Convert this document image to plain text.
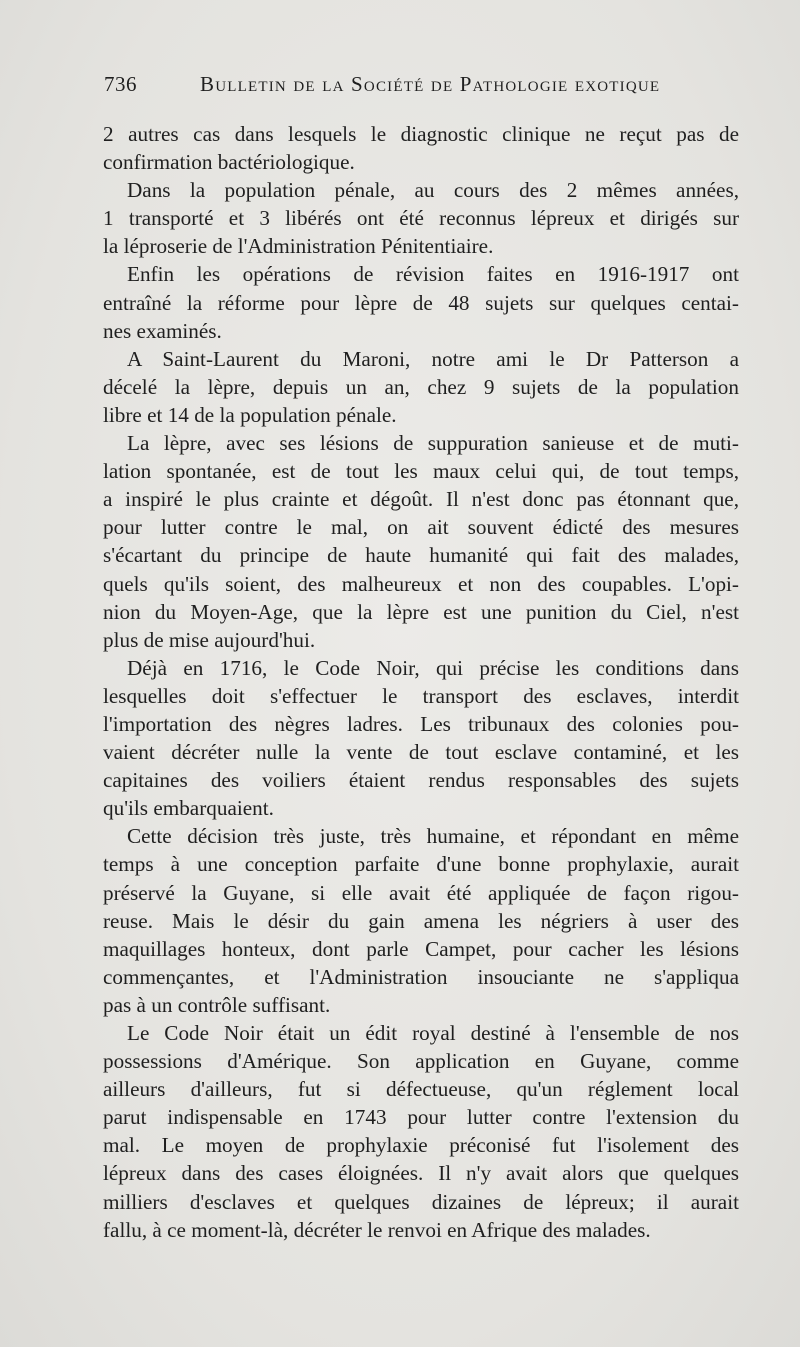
736	Bulletin de la Société de Pathologie exotique
2 autres cas dans lesquels le diagnostic clinique ne reçut pas de
confirmation bactériologique.
Dans la population pénale, au cours des 2 mêmes années,
1 transporté et 3 libérés ont été reconnus lépreux et dirigés sur
la léproserie de l'Administration Pénitentiaire.
Enfin les opérations de révision faites en 1916-1917 ont
entraîné la réforme pour lèpre de 48 sujets sur quelques centai-
nes examinés.
A Saint-Laurent du Maroni, notre ami le Dr Patterson a
décelé la lèpre, depuis un an, chez 9 sujets de la population
libre et 14 de la population pénale.
La lèpre, avec ses lésions de suppuration sanieuse et de muti-
lation spontanée, est de tout les maux celui qui, de tout temps,
a inspiré le plus crainte et dégoût. Il n'est donc pas étonnant que,
pour lutter contre le mal, on ait souvent édicté des mesures
s'écartant du principe de haute humanité qui fait des malades,
quels qu'ils soient, des malheureux et non des coupables. L'opi-
nion du Moyen-Age, que la lèpre est une punition du Ciel, n'est
plus de mise aujourd'hui.
Déjà en 1716, le Code Noir, qui précise les conditions dans
lesquelles doit s'effectuer le transport des esclaves, interdit
l'importation des nègres ladres. Les tribunaux des colonies pou-
vaient décréter nulle la vente de tout esclave contaminé, et les
capitaines des voiliers étaient rendus responsables des sujets
qu'ils embarquaient.
Cette décision très juste, très humaine, et répondant en même
temps à une conception parfaite d'une bonne prophylaxie, aurait
préservé la Guyane, si elle avait été appliquée de façon rigou-
reuse. Mais le désir du gain amena les négriers à user des
maquillages honteux, dont parle Campet, pour cacher les lésions
commençantes, et l'Administration insouciante ne s'appliqua
pas à un contrôle suffisant.
Le Code Noir était un édit royal destiné à l'ensemble de nos
possessions d'Amérique. Son application en Guyane, comme
ailleurs d'ailleurs, fut si défectueuse, qu'un réglement local
parut indispensable en 1743 pour lutter contre l'extension du
mal. Le moyen de prophylaxie préconisé fut l'isolement des
lépreux dans des cases éloignées. Il n'y avait alors que quelques
milliers d'esclaves et quelques dizaines de lépreux; il aurait
fallu, à ce moment-là, décréter le renvoi en Afrique des malades.
